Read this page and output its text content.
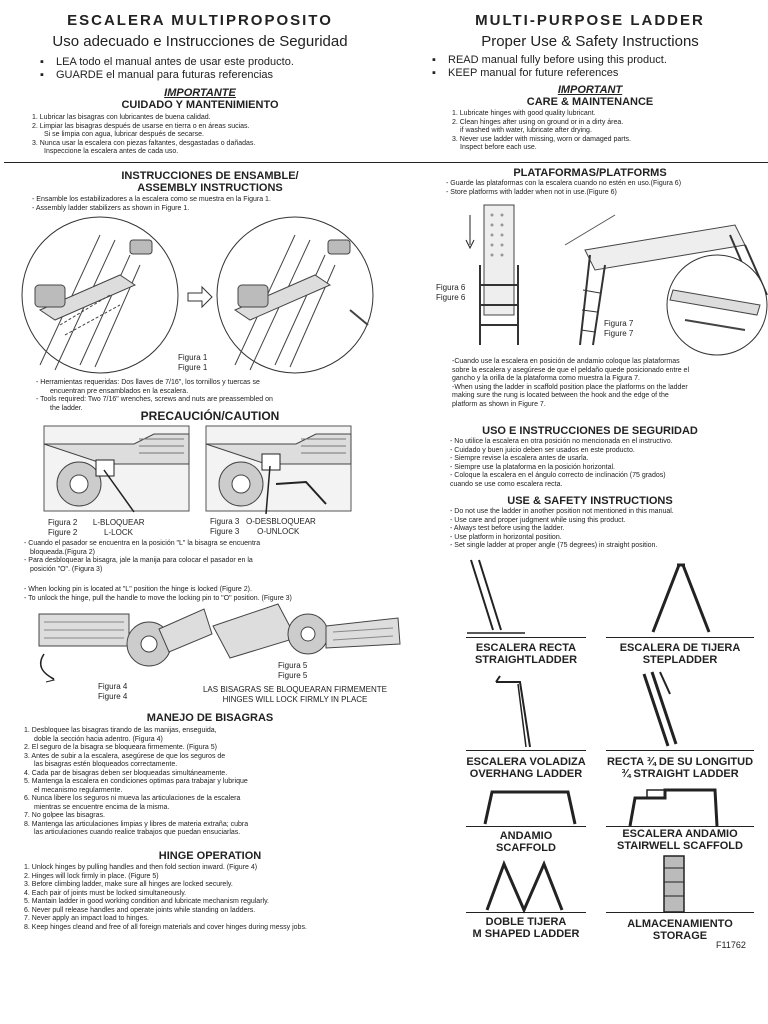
ESCALERA MULTIPROPOSITO
Uso adecuado e Instrucciones de Seguridad
▪ LEA todo el manual antes de usar este producto.
▪ GUARDE el manual para futuras referencias
IMPORTANTE
CUIDADO Y MANTENIMIENTO
1. Lubricar las bisagras con lubricantes de buena calidad.
2. Limpiar las bisagras después de usarse en tierra o en áreas sucias.
Si se limpia con agua, lubricar después de secarse.
3. Nunca usar la escalera con piezas faltantes, desgastadas o dañadas.
Inspeccione la escalera antes de cada uso.
MULTI-PURPOSE LADDER
Proper Use & Safety Instructions
▪ READ manual fully before using this product.
▪ KEEP manual for future references
IMPORTANT
CARE & MAINTENANCE
1. Lubricate hinges with good quality lubricant.
2. Clean hinges after using on ground or in a dirty área.
if washed with water, lubricate after drying.
3. Never use ladder with missing, worn or damaged parts.
Inspect before each use.
INSTRUCCIONES DE ENSAMBLE/
ASSEMBLY INSTRUCTIONS
- Ensamble los estabilizadores a la escalera como se muestra en la Figura 1.
- Assembly ladder stabilizers as shown in Figure 1.
Figura 1
Figure 1
- Herramientas requeridas: Dos llaves de 7/16", los tornillos y tuercas se
encuentran pre ensamblados en la escalera.
- Tools required: Two 7/16" wrenches, screws and nuts are preassembled on
the ladder.
PRECAUCIÓN/CAUTION
Figura 2 L-BLOQUEAR
Figure 2	L-LOCK
Figura 3 O-DESBLOQUEAR
Figure 3 O-UNLOCK
- Cuando el pasador se encuentra en la posición "L" la bisagra se encuentra
bloqueada.(Figura 2)
- Para desbloquear la bisagra, jale la manija para colocar el pasador en la
posición "O". (Figura 3)
- When locking pin is located at "L" position the hinge is locked (Figure 2).
- To unlock the hinge, pull the handle to move the locking pin to "O" position. (Figure 3)
Figura 4
Figure 4
Figura 5
Figure 5
LAS BISAGRAS SE BLOQUEARAN FIRMEMENTE
HINGES WILL LOCK FIRMLY IN PLACE
MANEJO DE BISAGRAS
1. Desbloquee las bisagras tirando de las manijas, enseguida,
doble la sección hacia adentro. (Figura 4)
2. El seguro de la bisagra se bloqueara firmemente. (Figura 5)
3. Antes de subir a la escalera, asegúrese de que los seguros de
las bisagras estén bloqueados correctamente.
4. Cada par de bisagras deben ser bloqueadas simultáneamente.
5. Mantenga la escalera en condiciones optimas para trabajar y lubrique
el mecanismo regularmente.
6. Nunca libere los seguros ni mueva las articulaciones de la escalera
mientras se encuentre encima de la misma.
7. No golpee las bisagras.
8. Mantenga las articulaciones limpias y libres de materia extraña; cubra
las articulaciones cuando realice trabajos que puedan ensuciarlas.
HINGE OPERATION
1. Unlock hinges by pulling handles and then fold section inward. (Figure 4)
2. Hinges will lock firmly in place. (Figure 5)
3. Before climbing ladder, make sure all hinges are locked securely.
4. Each pair of joints must be locked simultaneously.
5. Mantain ladder in good working condition and lubricate mechanism regularly.
6. Never pull release handles and operate joints while standing on ladders.
7. Never apply an impact load to hinges.
8. Keep hinges cleand and free of all foreign materials and cover hinges during messy jobs.
PLATAFORMAS/PLATFORMS
- Guarde las plataformas con la escalera cuando no estén en uso.(Figura 6)
- Store platforms with ladder when not in use.(Figure 6)
Figura 6
Figure 6
Figura 7
Figure 7
-Cuando use la escalera en posición de andamio coloque las plataformas
sobre la escalera y asegúrese de que el peldaño quede posicionado entre el
gancho y la orilla de la plataforma como muestra la Figura 7.
-When using the ladder in scaffold position place the platforms on the ladder
making sure the rung is located between the hook and the edge of the
platform as shown in Figure 7.
USO E INSTRUCCIONES DE SEGURIDAD
- No utilice la escalera en otra posición no mencionada en el instructivo.
- Cuidado y buen juicio deben ser usados en este producto.
- Siempre revise la escalera antes de usarla.
- Siempre use la plataforma en la posición horizontal.
- Coloque la escalera en el ángulo correcto de inclinación (75 grados)
cuando se use como escalera recta.
USE & SAFETY INSTRUCTIONS
- Do not use the ladder in another position not mentioned in this manual.
- Use care and proper judgment while using this product.
- Always test before using the ladder.
- Use platform in horizontal position.
- Set single ladder at proper angle (75 degrees) in straight position.
ESCALERA RECTA
STRAIGHTLADDER
ESCALERA DE TIJERA
STEPLADDER
ESCALERA VOLADIZA
OVERHANG LADDER
RECTA ¾ DE SU LONGITUD
¾ STRAIGHT LADDER
ANDAMIO
SCAFFOLD
ESCALERA ANDAMIO
STAIRWELL SCAFFOLD
DOBLE TIJERA
M SHAPED LADDER
ALMACENAMIENTO
STORAGE
F11762
